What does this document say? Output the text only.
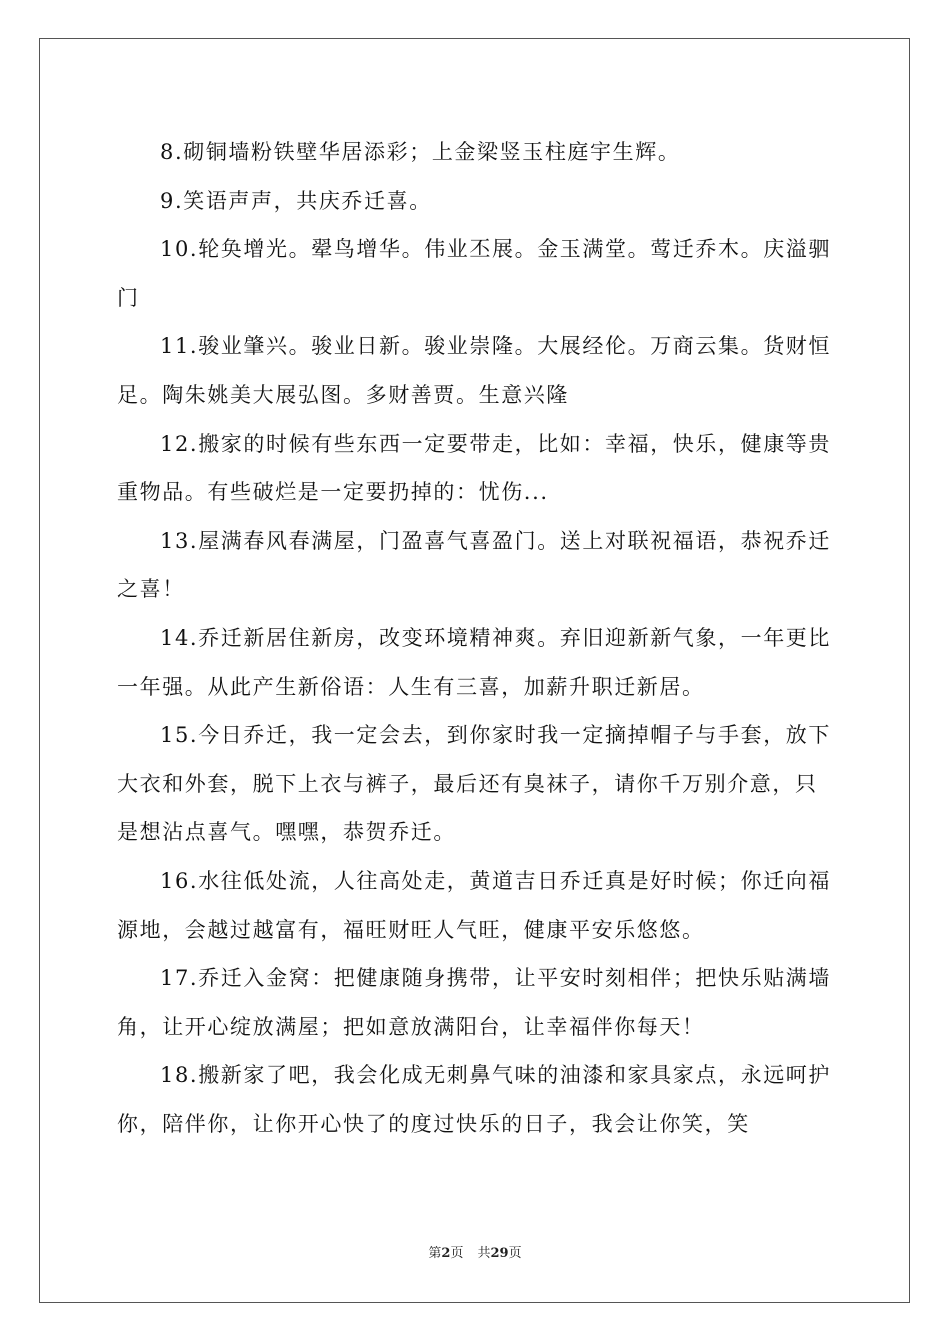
8.砌铜墙粉铁壁华居添彩；上金梁竖玉柱庭宇生辉。

9.笑语声声，共庆乔迁喜。

10.轮奂增光。翚鸟增华。伟业丕展。金玉满堂。莺迁乔木。庆溢驷门

11.骏业肇兴。骏业日新。骏业崇隆。大展经伦。万商云集。货财恒足。陶朱姚美大展弘图。多财善贾。生意兴隆

12.搬家的时候有些东西一定要带走，比如：幸福，快乐，健康等贵重物品。有些破烂是一定要扔掉的：忧伤...

13.屋满春风春满屋，门盈喜气喜盈门。送上对联祝福语，恭祝乔迁之喜！

14.乔迁新居住新房，改变环境精神爽。弃旧迎新新气象，一年更比一年强。从此产生新俗语：人生有三喜，加薪升职迁新居。

15.今日乔迁，我一定会去，到你家时我一定摘掉帽子与手套，放下大衣和外套，脱下上衣与裤子，最后还有臭袜子，请你千万别介意，只是想沾点喜气。嘿嘿，恭贺乔迁。

16.水往低处流，人往高处走，黄道吉日乔迁真是好时候；你迁向福源地，会越过越富有，福旺财旺人气旺，健康平安乐悠悠。

17.乔迁入金窝：把健康随身携带，让平安时刻相伴；把快乐贴满墙角，让开心绽放满屋；把如意放满阳台，让幸福伴你每天！

18.搬新家了吧，我会化成无刺鼻气味的油漆和家具家点，永远呵护你，陪伴你，让你开心快了的度过快乐的日子，我会让你笑，笑

第2页 共29页
